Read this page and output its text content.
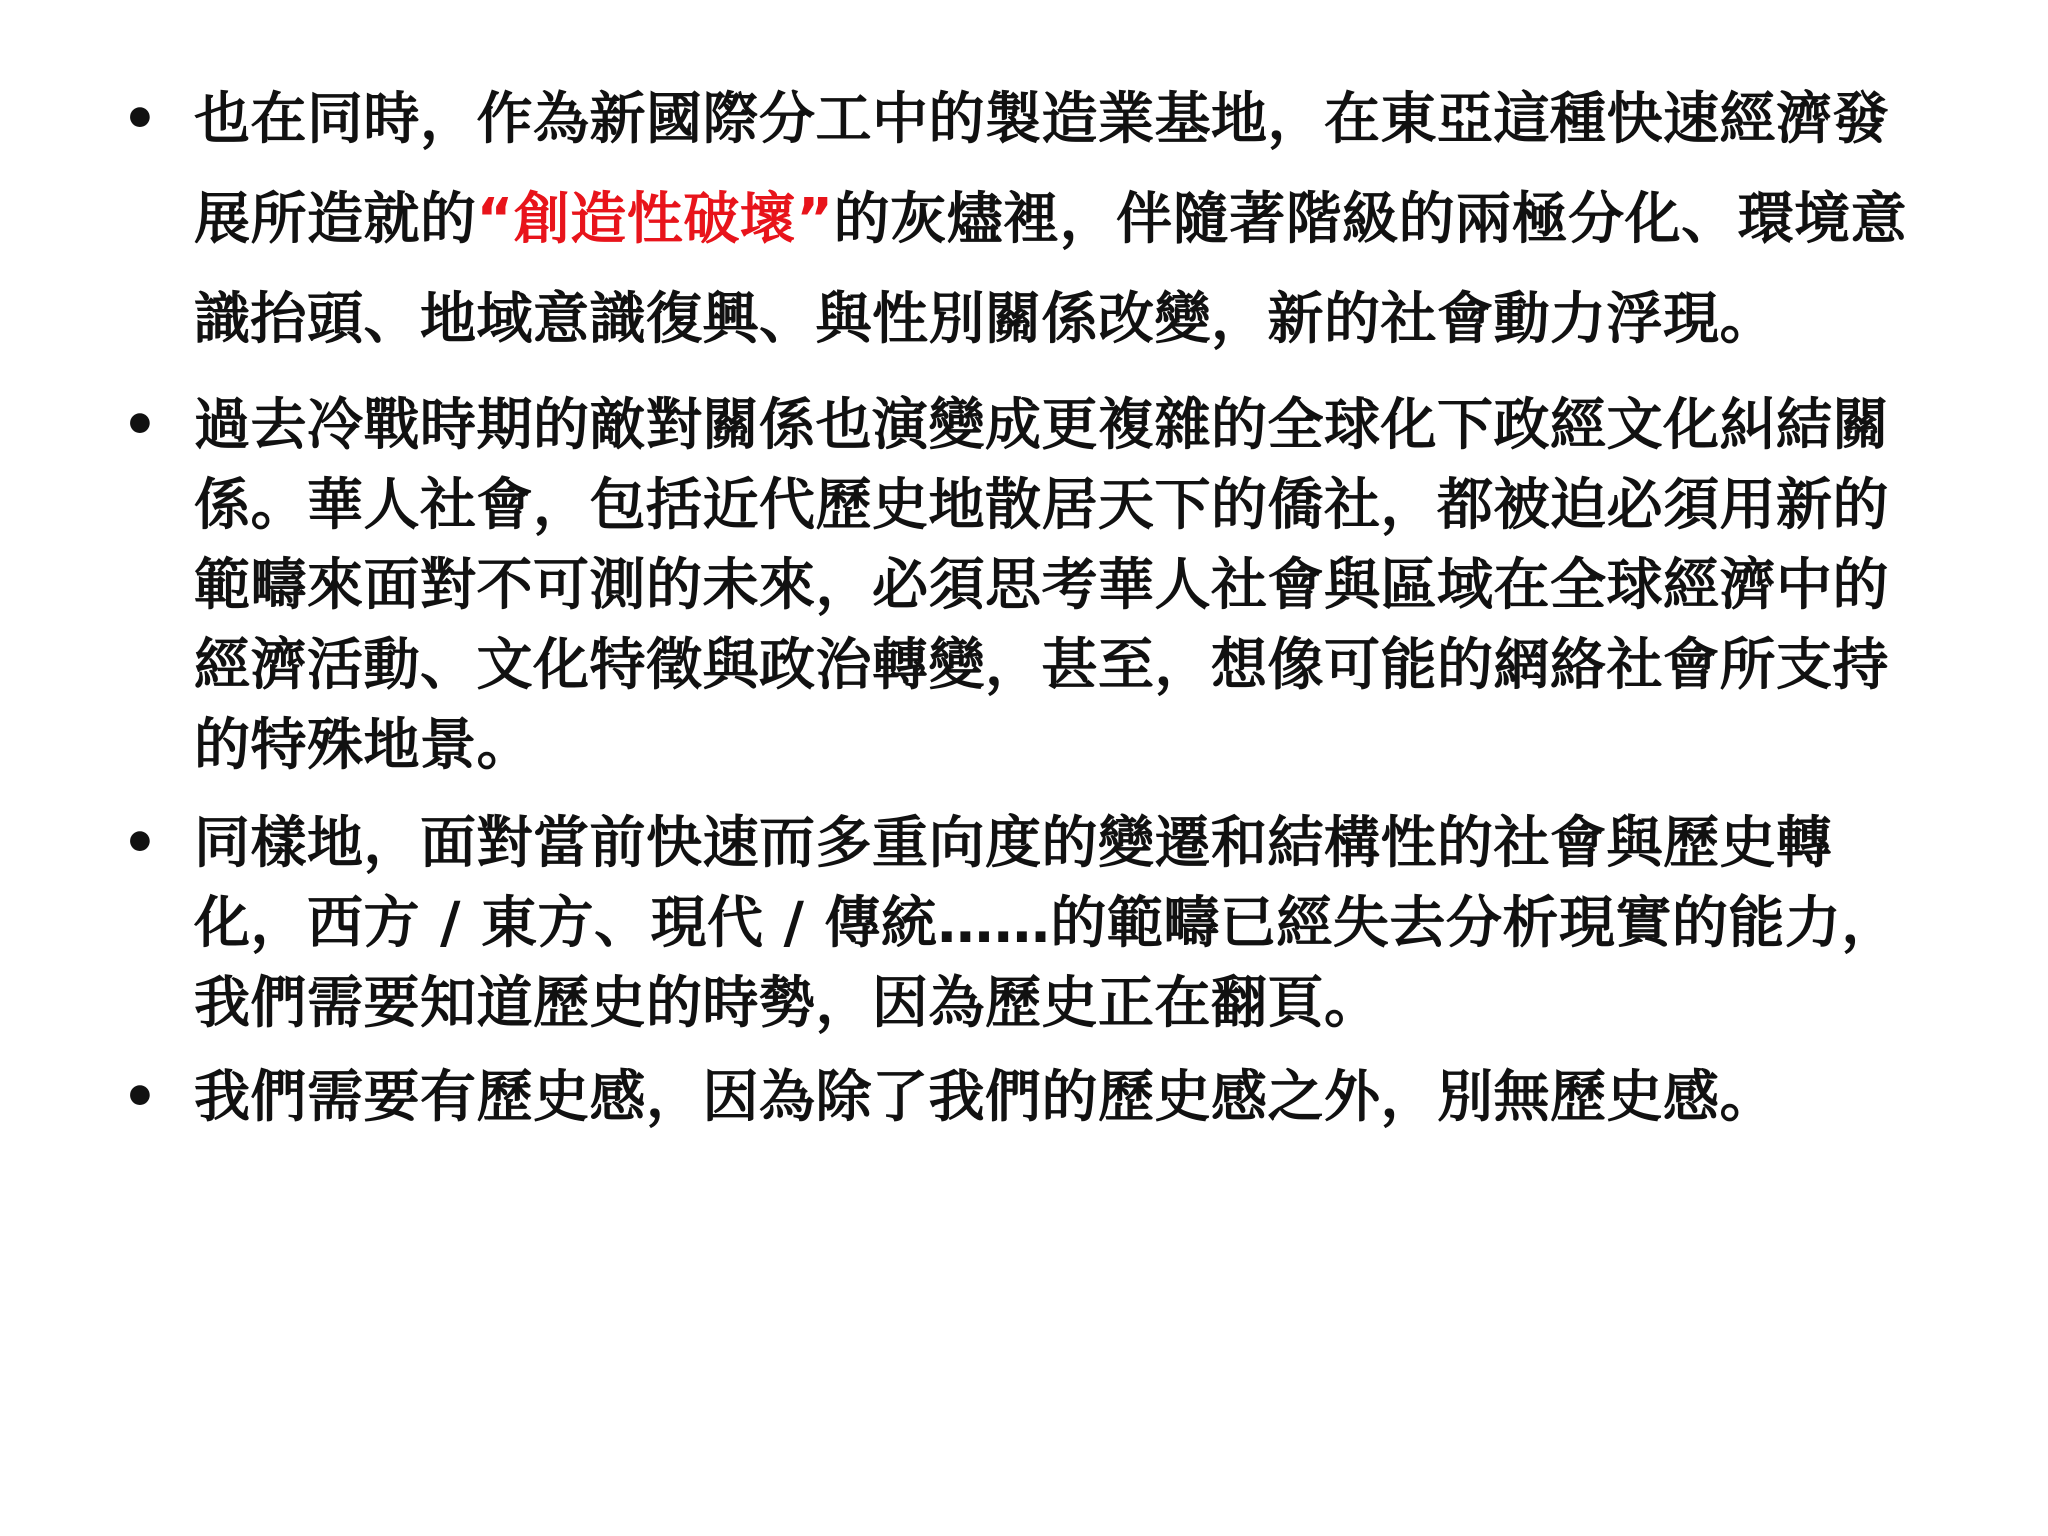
• 也在同時，作為新國際分工中的製造業基地，在東亞這種快速經濟發展所造就的“創造性破壞”的灰燼裡，伴隨著階級的兩極分化、環境意識抬頭、地域意識復興、與性別關係改變，新的社會動力浮現。
• 過去冷戰時期的敵對關係也演變成更複雜的全球化下政經文化糾結關係。華人社會，包括近代歷史地散居天下的僑社，都被迫必須用新的範疇來面對不可測的未來，必須思考華人社會與區域在全球經濟中的經濟活動、文化特徵與政治轉變，甚至，想像可能的網絡社會所支持的特殊地景。
• 同樣地，面對當前快速而多重向度的變遷和結構性的社會與歷史轉化，西方 / 東方、現代 / 傳統……的範疇已經失去分析現實的能力，我們需要知道歷史的時勢，因為歷史正在翻頁。
• 我們需要有歷史感，因為除了我們的歷史感之外，別無歷史感。
